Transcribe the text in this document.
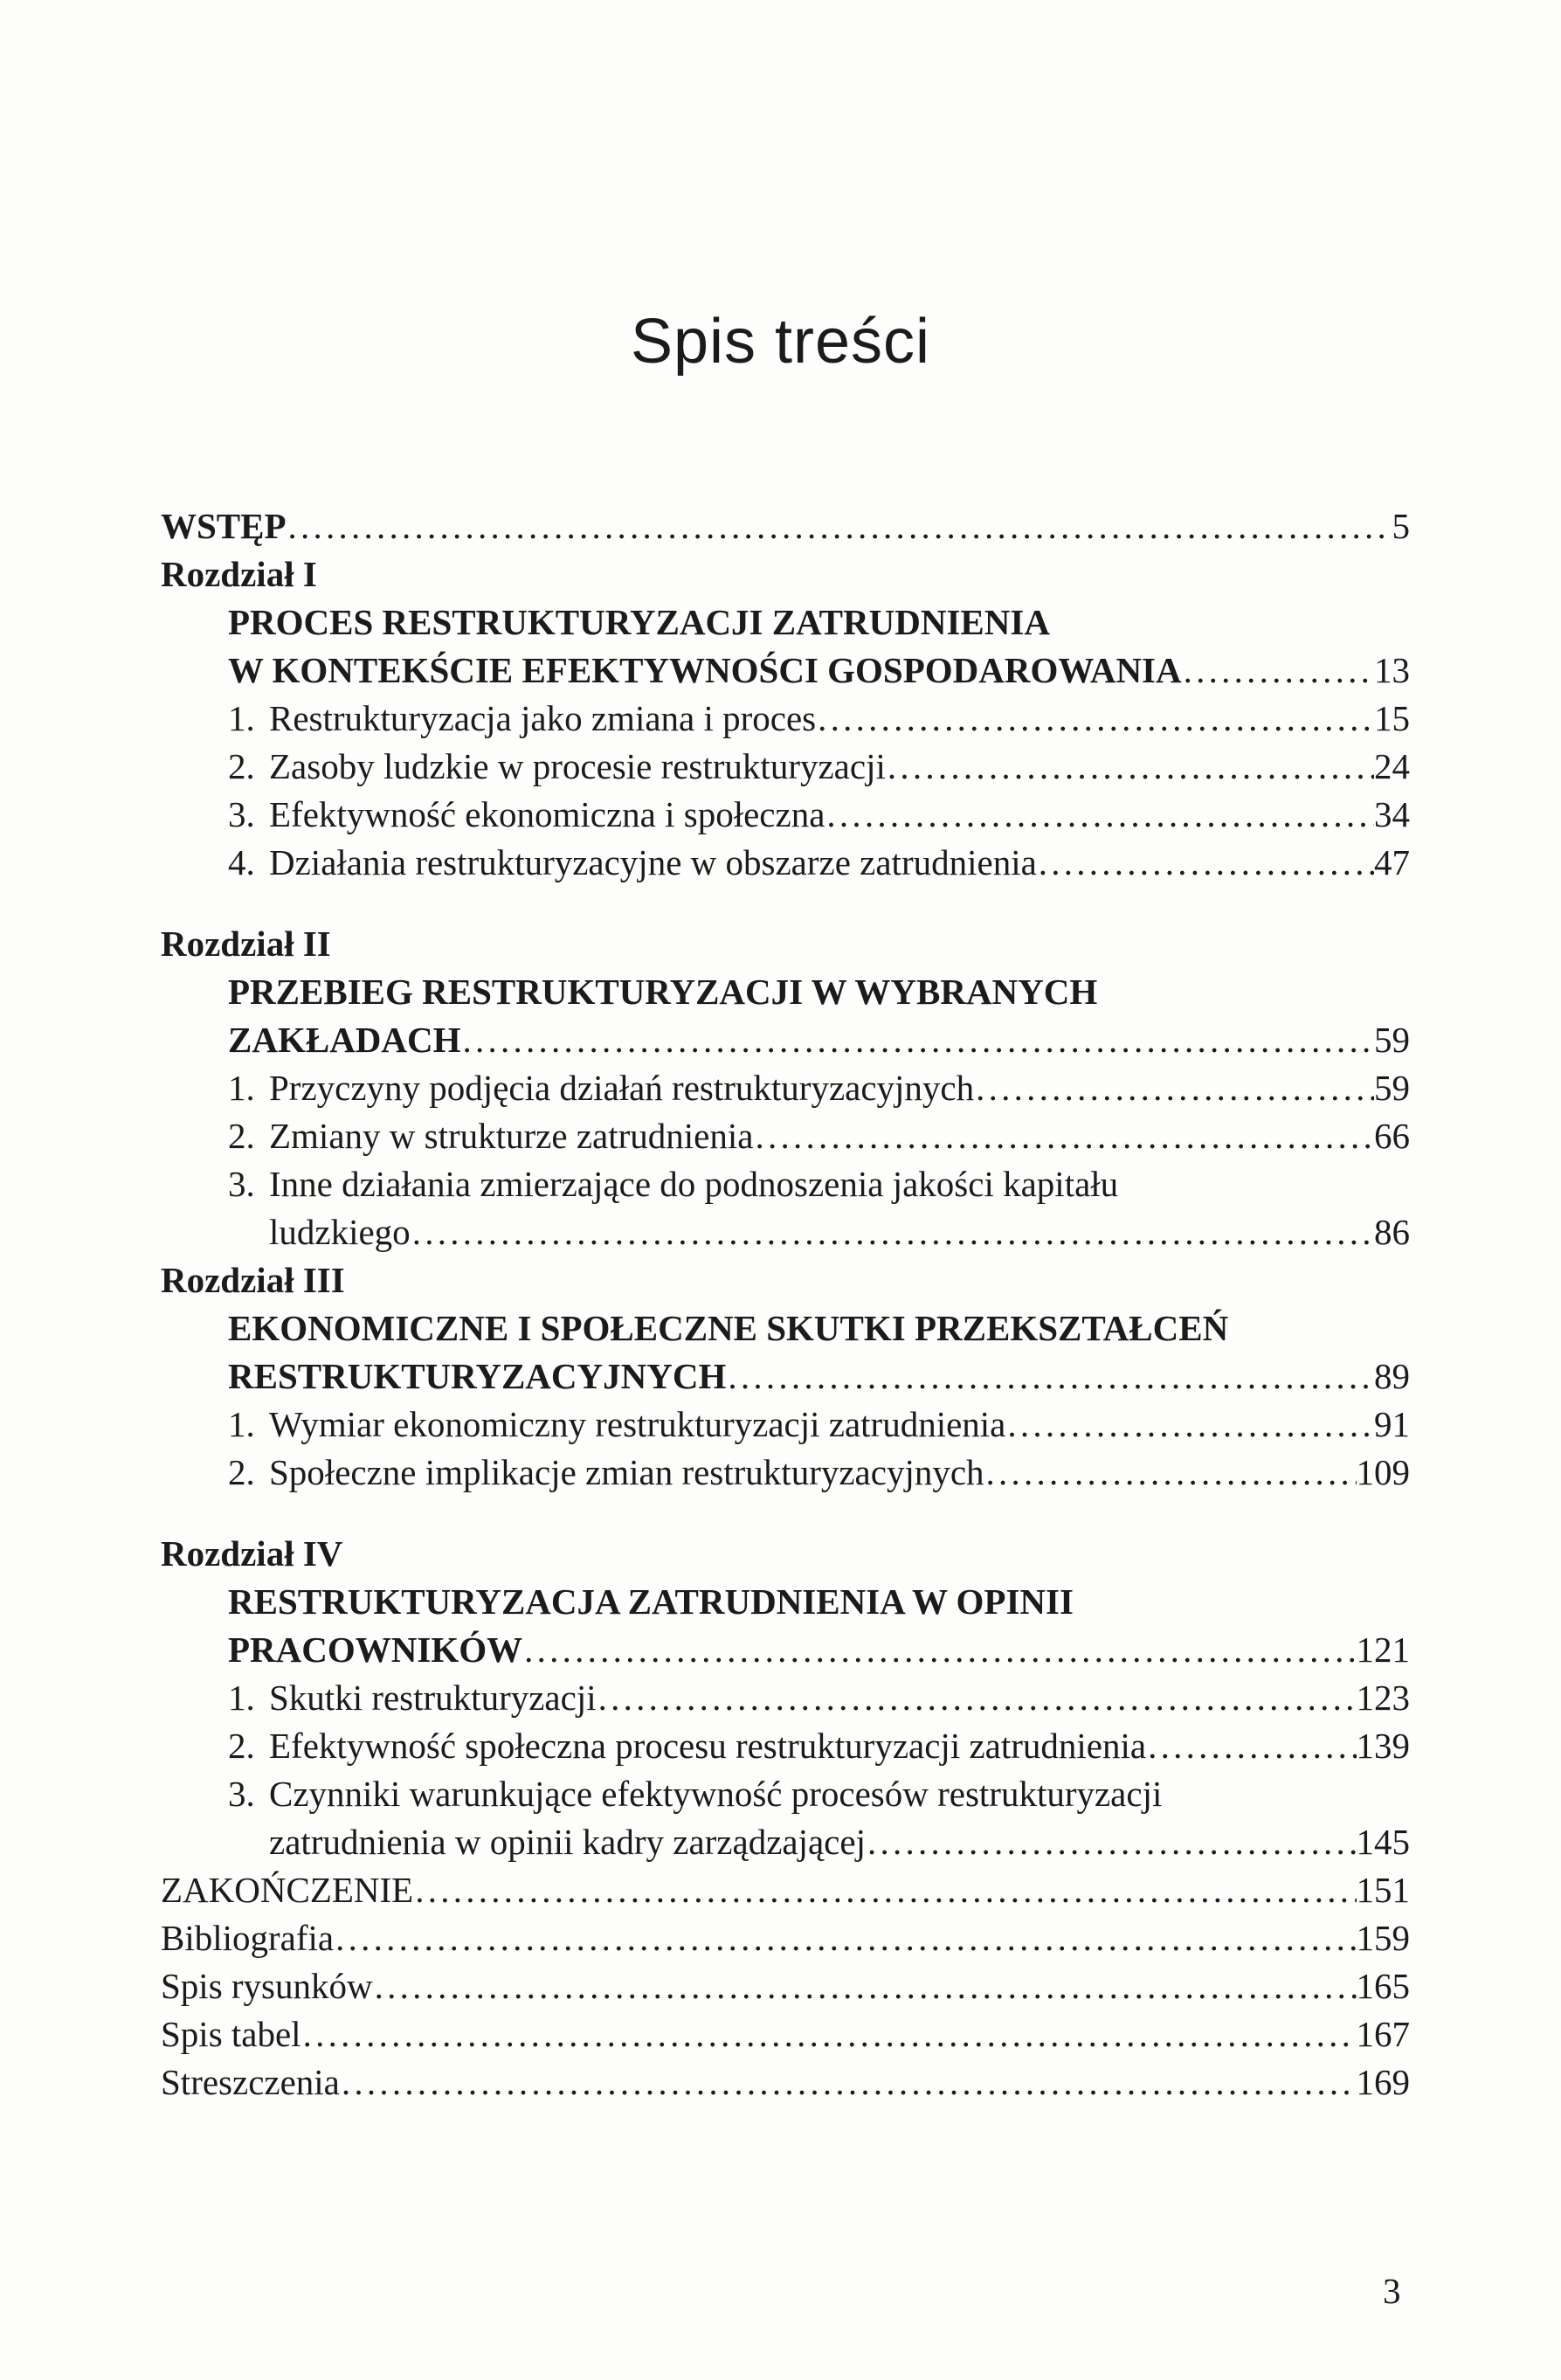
Spis treści
WSTĘP . . .	5
Rozdział I
PROCES RESTRUKTURYZACJI ZATRUDNIENIA
W KONTEKŚCIE EFEKTYWNOŚCI GOSPODAROWANIA . . .	13
1. Restrukturyzacja jako zmiana i proces . . .	15
2. Zasoby ludzkie w procesie restrukturyzacji . . .	24
3. Efektywność ekonomiczna i społeczna . . .	34
4. Działania restrukturyzacyjne w obszarze zatrudnienia . . .	47
Rozdział II
PRZEBIEG RESTRUKTURYZACJI W WYBRANYCH
ZAKŁADACH . . .	59
1. Przyczyny podjęcia działań restrukturyzacyjnych . . .	59
2. Zmiany w strukturze zatrudnienia . . .	66
3. Inne działania zmierzające do podnoszenia jakości kapitału
ludzkiego . . .	86
Rozdział III
EKONOMICZNE I SPOŁECZNE SKUTKI PRZEKSZTAŁCEŃ
RESTRUKTURYZACYJNYCH . . .	89
1. Wymiar ekonomiczny restrukturyzacji zatrudnienia . . .	91
2. Społeczne implikacje zmian restrukturyzacyjnych . . .	109
Rozdział IV
RESTRUKTURYZACJA ZATRUDNIENIA W OPINII
PRACOWNIKÓW . . .	121
1. Skutki restrukturyzacji . . .	123
2. Efektywność społeczna procesu restrukturyzacji zatrudnienia . . .	139
3. Czynniki warunkujące efektywność procesów restrukturyzacji
zatrudnienia w opinii kadry zarządzającej . . .	145
ZAKOŃCZENIE . . .	151
Bibliografia . . .	159
Spis rysunków . . .	165
Spis tabel . . .	167
Streszczenia . . .	169
3
